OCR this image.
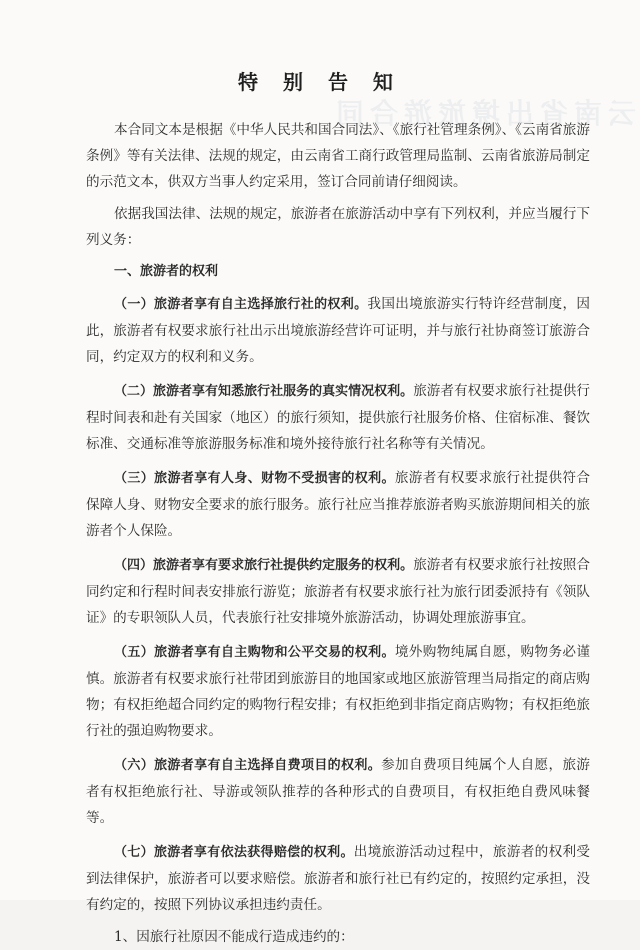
云南省出境旅游合同
特 别 告 知

本合同文本是根据《中华人民共和国合同法》、《旅行社管理条例》、《云南省旅游条例》等有关法律、法规的规定，由云南省工商行政管理局监制、云南省旅游局制定的示范文本，供双方当事人约定采用，签订合同前请仔细阅读。

依据我国法律、法规的规定，旅游者在旅游活动中享有下列权利，并应当履行下列义务：

一、旅游者的权利

（一）旅游者享有自主选择旅行社的权利。我国出境旅游实行特许经营制度，因此，旅游者有权要求旅行社出示出境旅游经营许可证明，并与旅行社协商签订旅游合同，约定双方的权利和义务。

（二）旅游者享有知悉旅行社服务的真实情况权利。旅游者有权要求旅行社提供行程时间表和赴有关国家（地区）的旅行须知，提供旅行社服务价格、住宿标准、餐饮标准、交通标准等旅游服务标准和境外接待旅行社名称等有关情况。

（三）旅游者享有人身、财物不受损害的权利。旅游者有权要求旅行社提供符合保障人身、财物安全要求的旅行服务。旅行社应当推荐旅游者购买旅游期间相关的旅游者个人保险。

（四）旅游者享有要求旅行社提供约定服务的权利。旅游者有权要求旅行社按照合同约定和行程时间表安排旅行游览；旅游者有权要求旅行社为旅行团委派持有《领队证》的专职领队人员，代表旅行社安排境外旅游活动，协调处理旅游事宜。

（五）旅游者享有自主购物和公平交易的权利。境外购物纯属自愿，购物务必谨慎。旅游者有权要求旅行社带团到旅游目的地国家或地区旅游管理当局指定的商店购物；有权拒绝超合同约定的购物行程安排；有权拒绝到非指定商店购物；有权拒绝旅行社的强迫购物要求。

（六）旅游者享有自主选择自费项目的权利。参加自费项目纯属个人自愿，旅游者有权拒绝旅行社、导游或领队推荐的各种形式的自费项目，有权拒绝自费风味餐等。

（七）旅游者享有依法获得赔偿的权利。出境旅游活动过程中，旅游者的权利受到法律保护，旅游者可以要求赔偿。旅游者和旅行社已有约定的，按照约定承担，没有约定的，按照下列协议承担违约责任。

1、因旅行社原因不能成行造成违约的：
